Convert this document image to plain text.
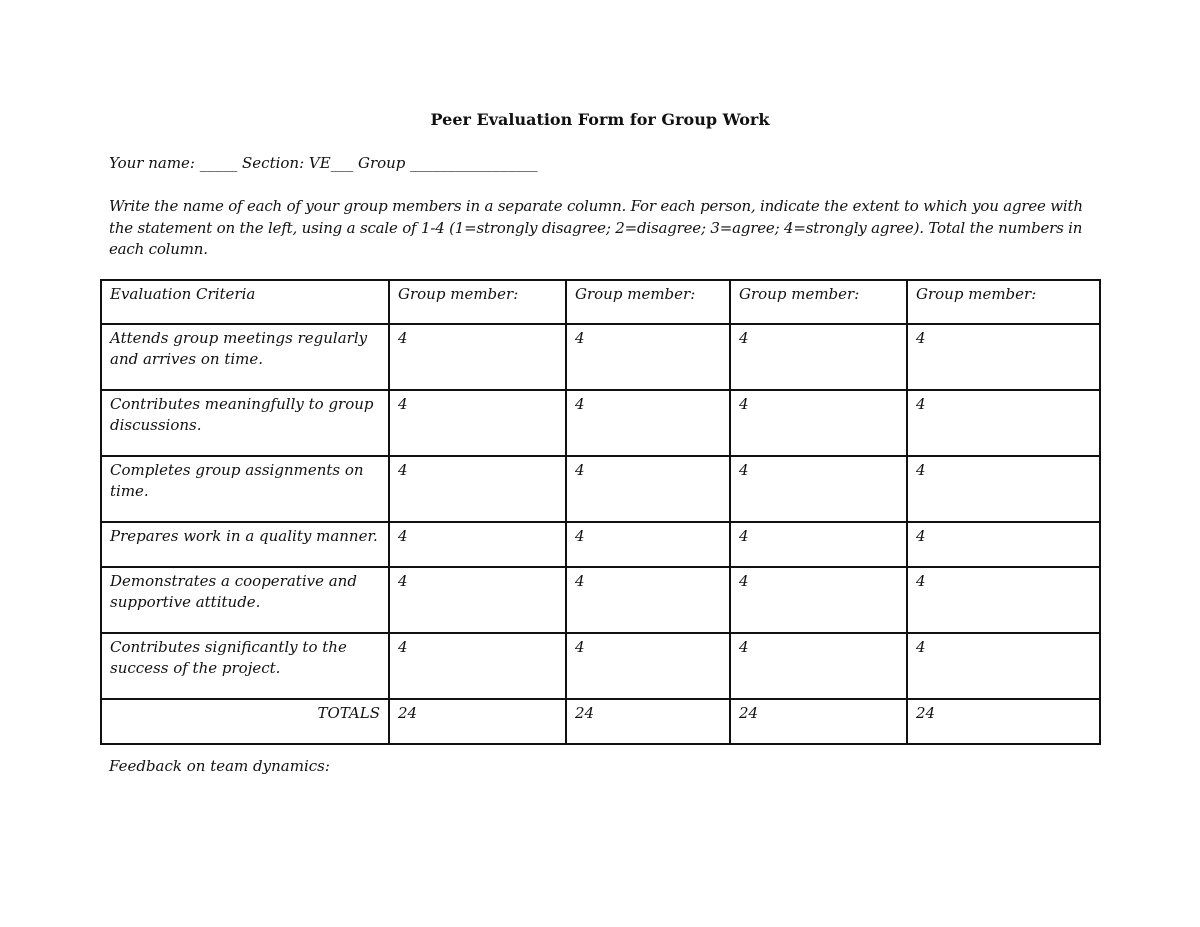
Peer Evaluation Form for Group Work
Your name: _____ Section: VE___ Group _________________
Write the name of each of your group members in a separate column. For each person, indicate the extent to which you agree with the statement on the left, using a scale of 1-4 (1=strongly disagree; 2=disagree; 3=agree; 4=strongly agree). Total the numbers in each column.
Evaluation Criteria	Group member:	Group member:	Group member:	Group member:
Attends group meetings regularly and arrives on time.	4	4	4	4
Contributes meaningfully to group discussions.	4	4	4	4
Completes group assignments on time.	4	4	4	4
Prepares work in a quality manner.	4	4	4	4
Demonstrates a cooperative and supportive attitude.	4	4	4	4
Contributes significantly to the success of the project.	4	4	4	4
TOTALS	24	24	24	24
Feedback on team dynamics:
